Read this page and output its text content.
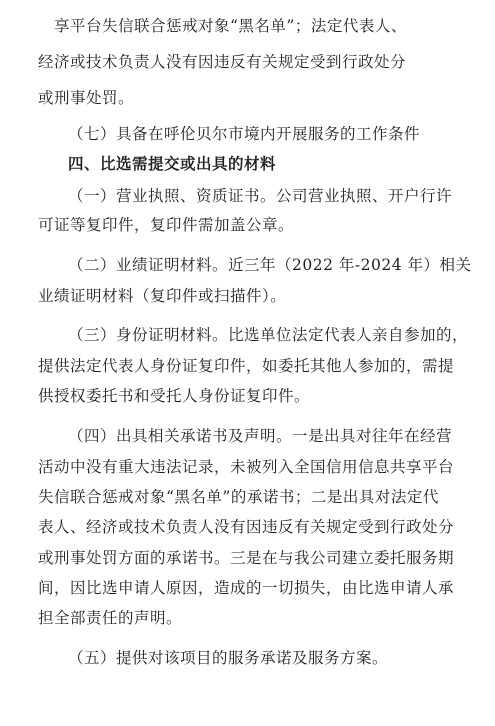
享平台失信联合惩戒对象“黑名单”；法定代表人、
经济或技术负责人没有因违反有关规定受到行政处分
或刑事处罚。
（七）具备在呼伦贝尔市境内开展服务的工作条件
四、比选需提交或出具的材料
（一）营业执照、资质证书。公司营业执照、开户行许
可证等复印件，复印件需加盖公章。
（二）业绩证明材料。近三年（2022 年-2024 年）相关
业绩证明材料（复印件或扫描件）。
（三）身份证明材料。比选单位法定代表人亲自参加的，
提供法定代表人身份证复印件，如委托其他人参加的，需提
供授权委托书和受托人身份证复印件。
（四）出具相关承诺书及声明。一是出具对往年在经营
活动中没有重大违法记录，未被列入全国信用信息共享平台
失信联合惩戒对象“黑名单”的承诺书；二是出具对法定代
表人、经济或技术负责人没有因违反有关规定受到行政处分
或刑事处罚方面的承诺书。三是在与我公司建立委托服务期
间，因比选申请人原因，造成的一切损失，由比选申请人承
担全部责任的声明。
（五）提供对该项目的服务承诺及服务方案。
